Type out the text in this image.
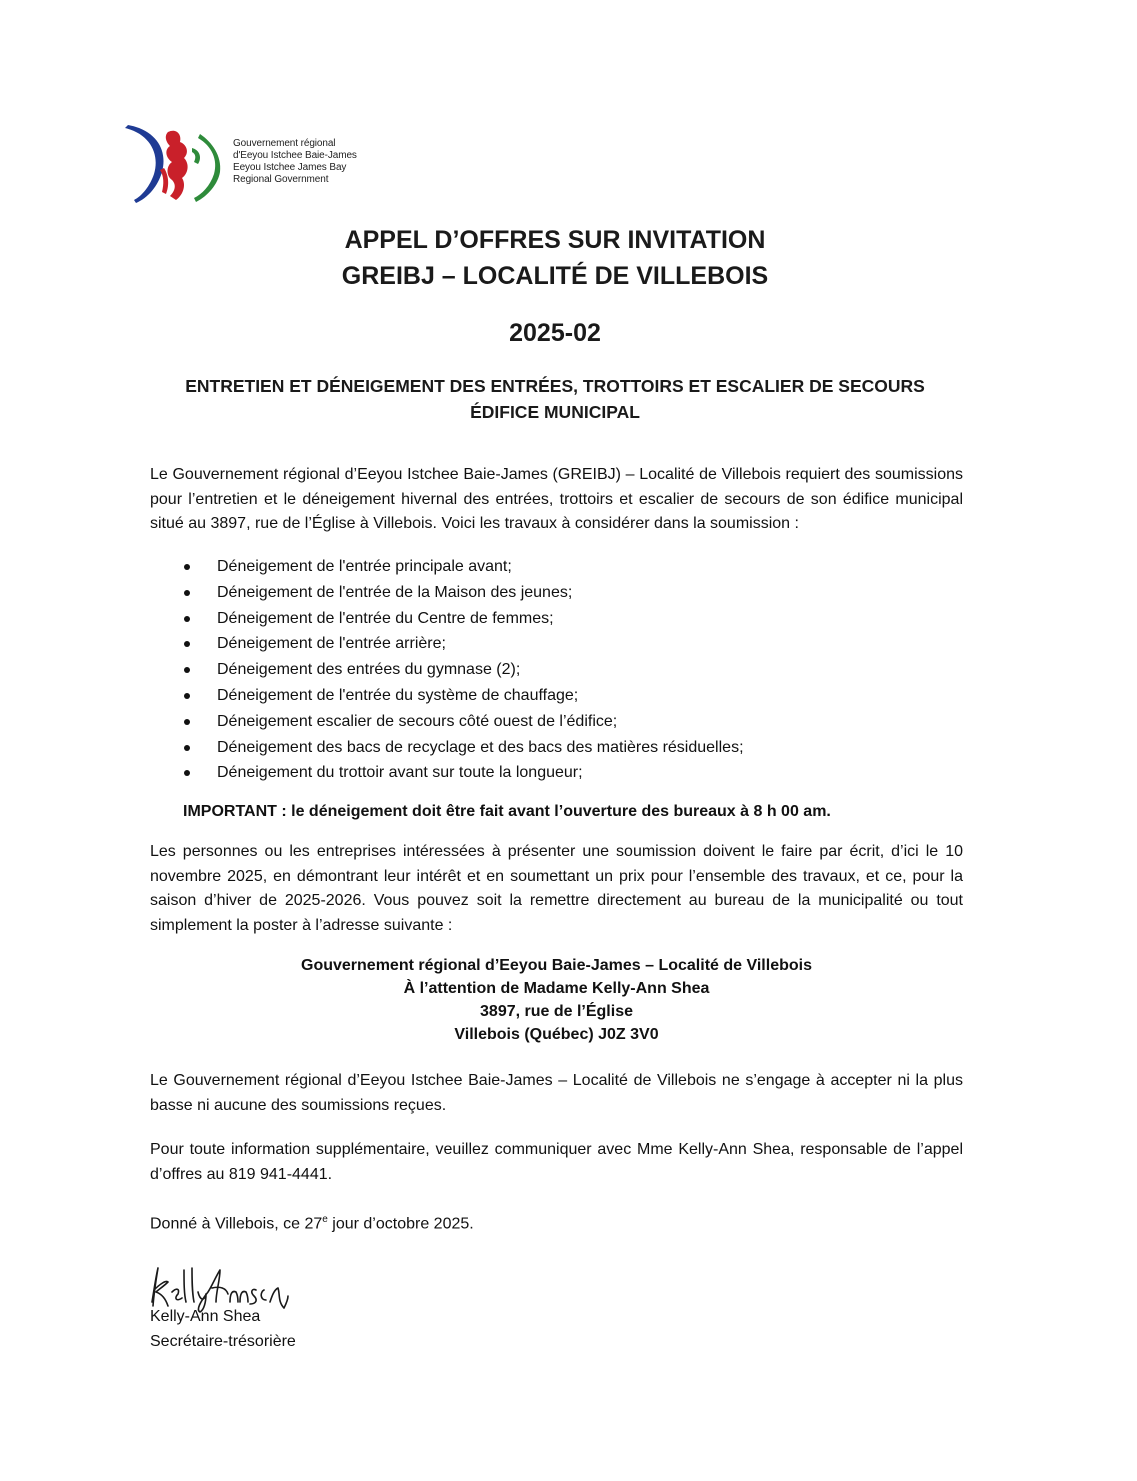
Gouvernement régional
d'Eeyou Istchee Baie-James
Eeyou Istchee James Bay
Regional Government
APPEL D’OFFRES SUR INVITATION
GREIBJ – LOCALITÉ DE VILLEBOIS
2025-02
ENTRETIEN ET DÉNEIGEMENT DES ENTRÉES, TROTTOIRS ET ESCALIER DE SECOURS
ÉDIFICE MUNICIPAL
Le Gouvernement régional d’Eeyou Istchee Baie-James (GREIBJ) – Localité de Villebois requiert des soumissions pour l’entretien et le déneigement hivernal des entrées, trottoirs et escalier de secours de son édifice municipal situé au 3897, rue de l’Église à Villebois. Voici les travaux à considérer dans la soumission :
Déneigement de l'entrée principale avant;
Déneigement de l'entrée de la Maison des jeunes;
Déneigement de l'entrée du Centre de femmes;
Déneigement de l'entrée arrière;
Déneigement des entrées du gymnase (2);
Déneigement de l'entrée du système de chauffage;
Déneigement escalier de secours côté ouest de l’édifice;
Déneigement des bacs de recyclage et des bacs des matières résiduelles;
Déneigement du trottoir avant sur toute la longueur;
IMPORTANT : le déneigement doit être fait avant l’ouverture des bureaux à 8 h 00 am.
Les personnes ou les entreprises intéressées à présenter une soumission doivent le faire par écrit, d’ici le 10 novembre 2025, en démontrant leur intérêt et en soumettant un prix pour l’ensemble des travaux, et ce, pour la saison d’hiver de 2025-2026. Vous pouvez soit la remettre directement au bureau de la municipalité ou tout simplement la poster à l’adresse suivante :
Gouvernement régional d’Eeyou Baie-James – Localité de Villebois
À l’attention de Madame Kelly-Ann Shea
3897, rue de l’Église
Villebois (Québec) J0Z 3V0
Le Gouvernement régional d’Eeyou Istchee Baie-James – Localité de Villebois ne s’engage à accepter ni la plus basse ni aucune des soumissions reçues.
Pour toute information supplémentaire, veuillez communiquer avec Mme Kelly-Ann Shea, responsable de l’appel d’offres au 819 941-4441.
Donné à Villebois, ce 27e jour d’octobre 2025.
Kelly-Ann Shea
Secrétaire-trésorière
